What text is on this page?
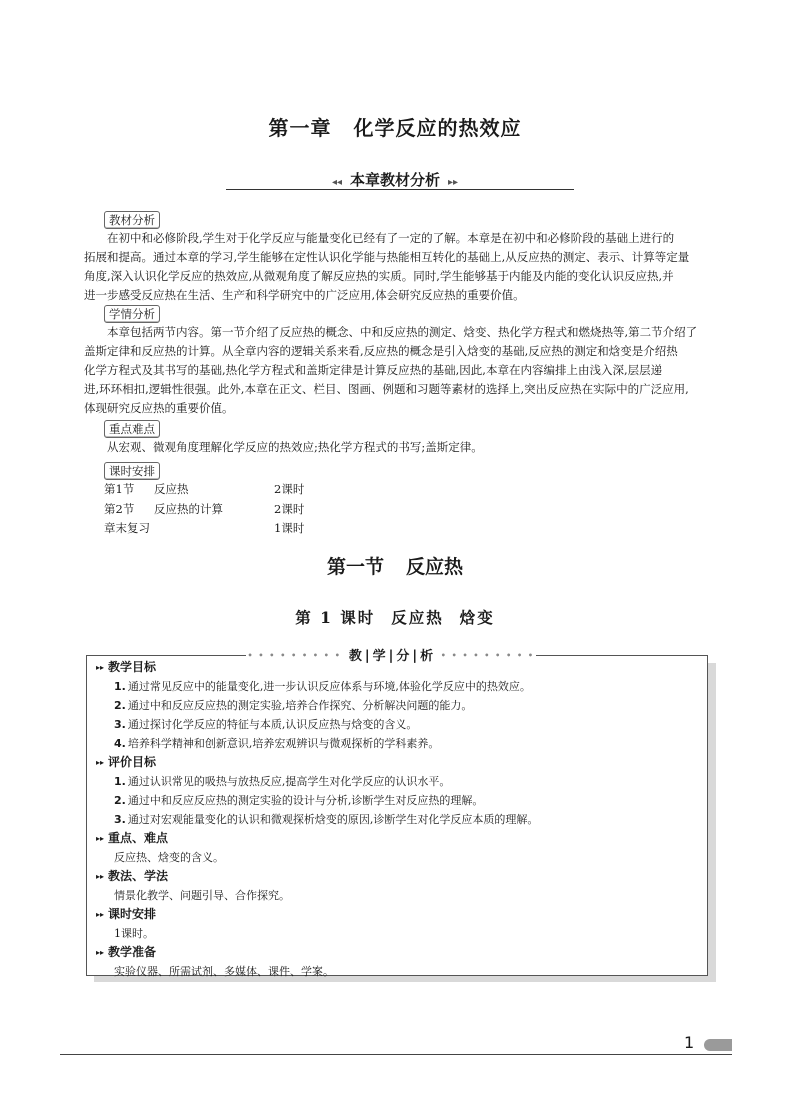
第一章 化学反应的热效应
◂◂ 本章教材分析 ▸▸
教材分析
在初中和必修阶段,学生对于化学反应与能量变化已经有了一定的了解。本章是在初中和必修阶段的基础上进行的
拓展和提高。通过本章的学习,学生能够在定性认识化学能与热能相互转化的基础上,从反应热的测定、表示、计算等定量
角度,深入认识化学反应的热效应,从微观角度了解反应热的实质。同时,学生能够基于内能及内能的变化认识反应热,并
进一步感受反应热在生活、生产和科学研究中的广泛应用,体会研究反应热的重要价值。
学情分析
本章包括两节内容。第一节介绍了反应热的概念、中和反应热的测定、焓变、热化学方程式和燃烧热等,第二节介绍了
盖斯定律和反应热的计算。从全章内容的逻辑关系来看,反应热的概念是引入焓变的基础,反应热的测定和焓变是介绍热
化学方程式及其书写的基础,热化学方程式和盖斯定律是计算反应热的基础,因此,本章在内容编排上由浅入深,层层递
进,环环相扣,逻辑性很强。此外,本章在正文、栏目、图画、例题和习题等素材的选择上,突出反应热在实际中的广泛应用,
体现研究反应热的重要价值。
重点难点
从宏观、微观角度理解化学反应的热效应;热化学方程式的书写;盖斯定律。
课时安排
第1节	反应热	2课时
第2节	反应热的计算	2课时
章末复习	1课时
第一节 反应热
第 1 课时 反应热 焓变
• • • • • • • • • 教 | 学 | 分 | 析 • • • • • • • • •
▸▸ 教学目标
1. 通过常见反应中的能量变化,进一步认识反应体系与环境,体验化学反应中的热效应。
2. 通过中和反应反应热的测定实验,培养合作探究、分析解决问题的能力。
3. 通过探讨化学反应的特征与本质,认识反应热与焓变的含义。
4. 培养科学精神和创新意识,培养宏观辨识与微观探析的学科素养。
▸▸ 评价目标
1. 通过认识常见的吸热与放热反应,提高学生对化学反应的认识水平。
2. 通过中和反应反应热的测定实验的设计与分析,诊断学生对反应热的理解。
3. 通过对宏观能量变化的认识和微观探析焓变的原因,诊断学生对化学反应本质的理解。
▸▸ 重点、难点
反应热、焓变的含义。
▸▸ 教法、学法
情景化教学、问题引导、合作探究。
▸▸ 课时安排
1课时。
▸▸ 教学准备
实验仪器、所需试剂、多媒体、课件、学案。
1
